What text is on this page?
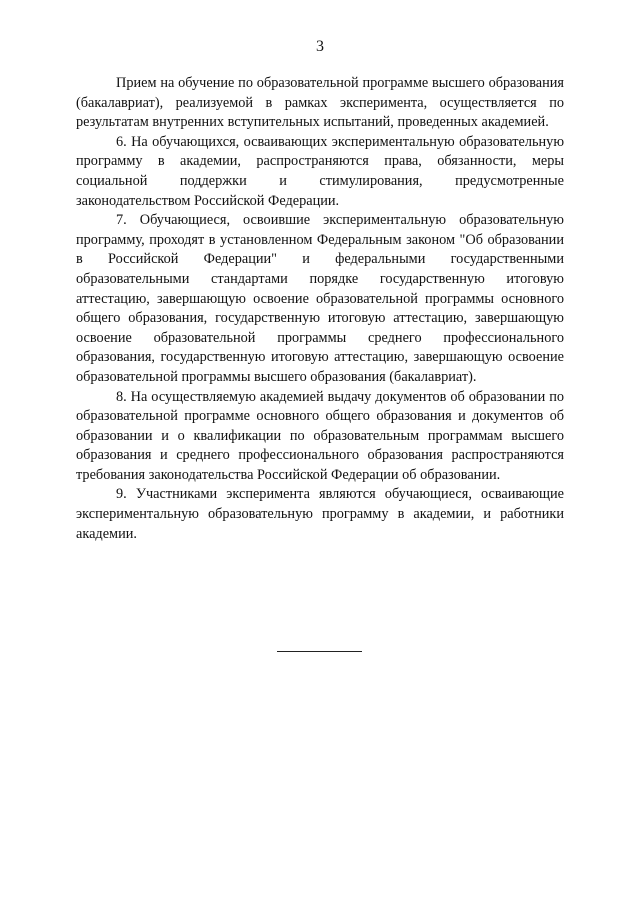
3

Прием на обучение по образовательной программе высшего образования (бакалавриат), реализуемой в рамках эксперимента, осуществляется по результатам внутренних вступительных испытаний, проведенных академией.

6. На обучающихся, осваивающих экспериментальную образовательную программу в академии, распространяются права, обязанности, меры социальной поддержки и стимулирования, предусмотренные законодательством Российской Федерации.

7. Обучающиеся, освоившие экспериментальную образовательную программу, проходят в установленном Федеральным законом "Об образовании в Российской Федерации" и федеральными государственными образовательными стандартами порядке государственную итоговую аттестацию, завершающую освоение образовательной программы основного общего образования, государственную итоговую аттестацию, завершающую освоение образовательной программы среднего профессионального образования, государственную итоговую аттестацию, завершающую освоение образовательной программы высшего образования (бакалавриат).

8. На осуществляемую академией выдачу документов об образовании по образовательной программе основного общего образования и документов об образовании и о квалификации по образовательным программам высшего образования и среднего профессионального образования распространяются требования законодательства Российской Федерации об образовании.

9. Участниками эксперимента являются обучающиеся, осваивающие экспериментальную образовательную программу в академии, и работники академии.
